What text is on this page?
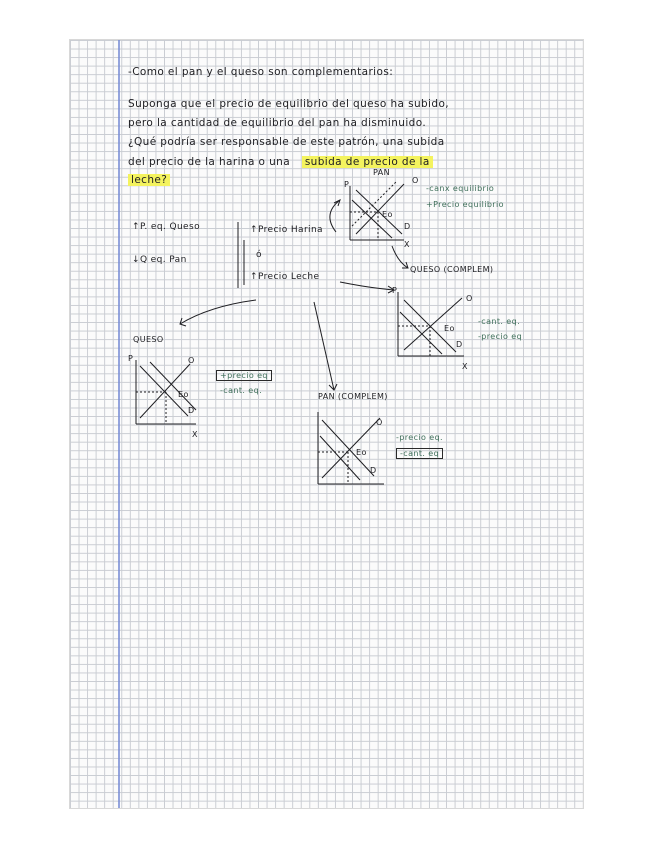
-Como el pan y el queso son complementarios:
Suponga que el precio de equilibrio del queso ha subido,
pero la cantidad de equilibrio del pan ha disminuido.
¿Qué podría ser responsable de este patrón, una subida
del precio de la harina o una subida de precio de la
leche?
↑P. eq. Queso
↓Q eq. Pan
↑Precio Harina
ó
↑Precio Leche
PAN
P	O
Eo
D
X
-canx equilibrio
+Precio equilibrio
QUESO (COMPLEM)
P
O
Eo
D
X
-cant. eq.
-precio eq
QUESO
P	O
Eo
D
X
+precio eq
-cant. eq.
PAN (COMPLEM)
O
Eo
D
-precio eq.
-cant. eq
